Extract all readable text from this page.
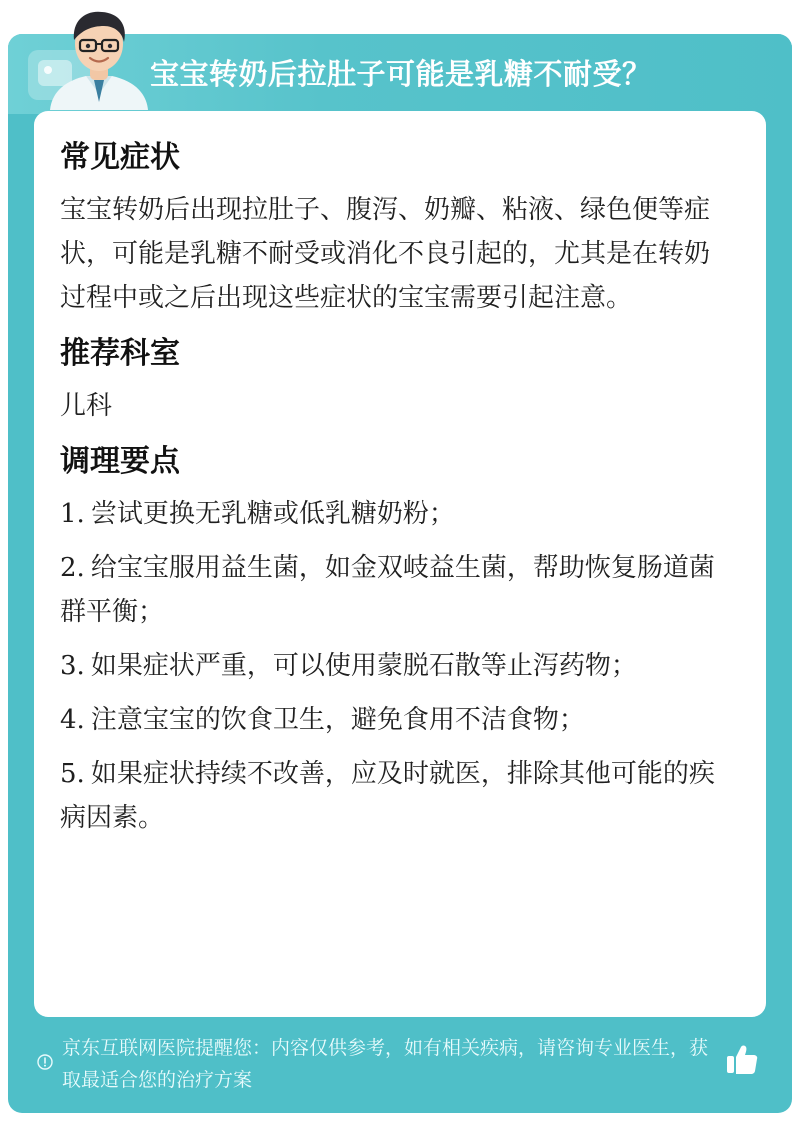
宝宝转奶后拉肚子可能是乳糖不耐受？
常见症状
宝宝转奶后出现拉肚子、腹泻、奶瓣、粘液、绿色便等症状，可能是乳糖不耐受或消化不良引起的，尤其是在转奶过程中或之后出现这些症状的宝宝需要引起注意。
推荐科室
儿科
调理要点
1. 尝试更换无乳糖或低乳糖奶粉；
2. 给宝宝服用益生菌，如金双岐益生菌，帮助恢复肠道菌群平衡；
3. 如果症状严重，可以使用蒙脱石散等止泻药物；
4. 注意宝宝的饮食卫生，避免食用不洁食物；
5. 如果症状持续不改善，应及时就医，排除其他可能的疾病因素。
京东互联网医院提醒您：内容仅供参考，如有相关疾病，请咨询专业医生，获取最适合您的治疗方案
